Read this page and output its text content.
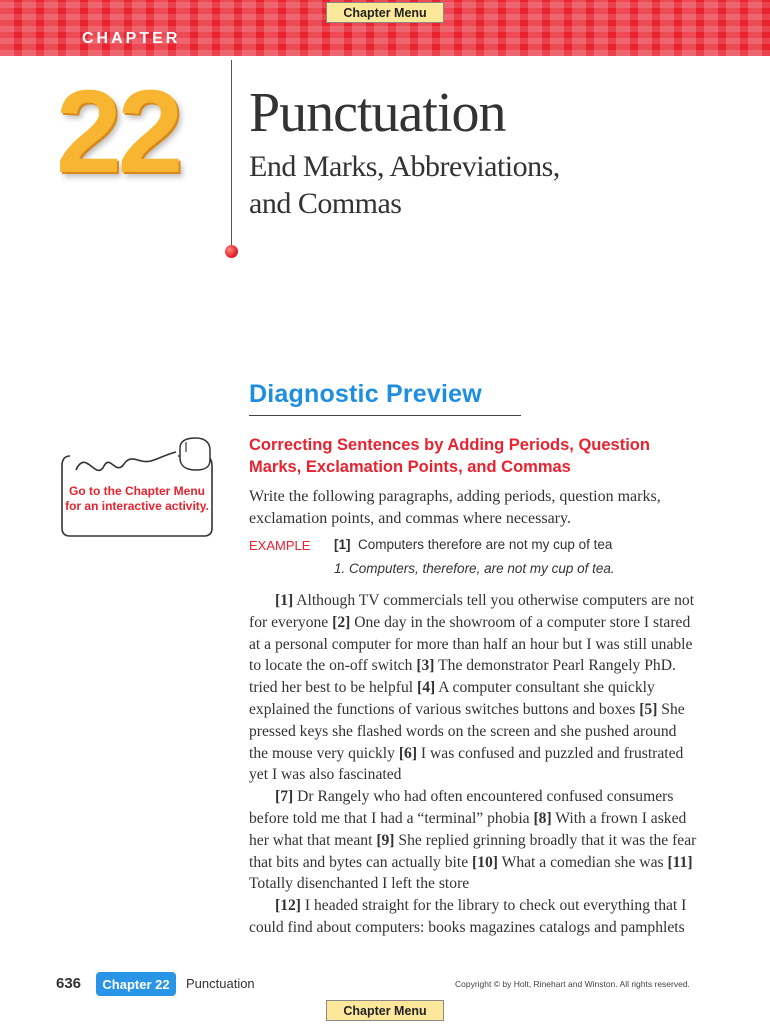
CHAPTER
Chapter Menu
22	Punctuation
End Marks, Abbreviations,
and Commas
Go to the Chapter Menu
for an interactive activity.
Diagnostic Preview
Correcting Sentences by Adding Periods, Question Marks, Exclamation Points, and Commas
Write the following paragraphs, adding periods, question marks, exclamation points, and commas where necessary.
EXAMPLE [1] Computers therefore are not my cup of tea
1. Computers, therefore, are not my cup of tea.

[1] Although TV commercials tell you otherwise computers are not for everyone [2] One day in the showroom of a computer store I stared at a personal computer for more than half an hour but I was still unable to locate the on-off switch [3] The demonstrator Pearl Rangely PhD. tried her best to be helpful [4] A computer consultant she quickly explained the functions of various switches buttons and boxes [5] She pressed keys she flashed words on the screen and she pushed around the mouse very quickly [6] I was confused and puzzled and frustrated yet I was also fascinated

[7] Dr Rangely who had often encountered confused consumers before told me that I had a “terminal” phobia [8] With a frown I asked her what that meant [9] She replied grinning broadly that it was the fear that bits and bytes can actually bite [10] What a comedian she was [11] Totally disenchanted I left the store

[12] I headed straight for the library to check out everything that I could find about computers: books magazines catalogs and pamphlets

636	Chapter 22	Punctuation	Copyright © by Holt, Rinehart and Winston. All rights reserved.
Chapter Menu
